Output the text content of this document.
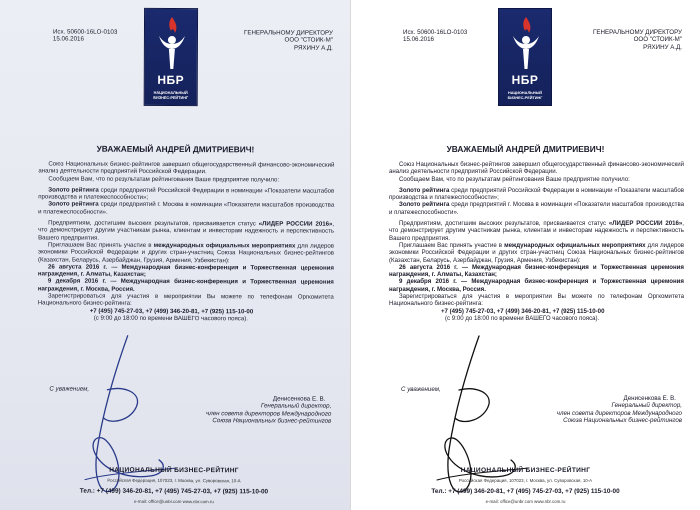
Исх. 50600-16LO-0103
15.06.2016
НБР
НАЦИОНАЛЬНЫЙ
БИЗНЕС-РЕЙТИНГ
ГЕНЕРАЛЬНОМУ ДИРЕКТОРУ
ООО "СТОИК-М"
РЯХИНУ А.Д.
УВАЖАЕМЫЙ АНДРЕЙ ДМИТРИЕВИЧ!

Союз Национальных бизнес-рейтингов завершил общегосударственный финансово-экономический анализ деятельности предприятий Российской Федерации.

Сообщаем Вам, что по результатам рейтингования Ваше предприятие получило:

Золото рейтинга среди предприятий Российской Федерации в номинации «Показатели масштабов производства и платежеспособности»;

Золото рейтинга среди предприятий г. Москва в номинации «Показатели масштабов производства и платежеспособности».

Предприятиям, достигшим высоких результатов, присваивается статус «ЛИДЕР РОССИИ 2016», что демонстрирует другим участникам рынка, клиентам и инвесторам надежность и перспективность Вашего предприятия.

Приглашаем Вас принять участие в международных официальных мероприятиях для лидеров экономики Российской Федерации и других стран-участниц Союза Национальных бизнес-рейтингов (Казахстан, Беларусь, Азербайджан, Грузия, Армения, Узбекистан):

26 августа 2016 г. — Международная бизнес-конференция и Торжественная церемония награждения, г. Алматы, Казахстан;

9 декабря 2016 г. — Международная бизнес-конференция и Торжественная церемония награждения, г. Москва, Россия.

Зарегистрироваться для участия в мероприятии Вы можете по телефонам Оргкомитета Национального бизнес-рейтинга:

+7 (495) 745-27-03, +7 (499) 346-20-81, +7 (925) 115-10-00

(с 9:00 до 18:00 по времени ВАШЕГО часового пояса).

С уважением,
Денисенкова Е. В.
Генеральный директор,
член совета директоров Международного
Союза Национальных бизнес-рейтингов
НАЦИОНАЛЬНЫЙ БИЗНЕС-РЕЙТИНГ
Российская Федерация, 107023, г. Москва, ул. Суворовская, 10-А
Тел.: +7 (499) 346-20-81, +7 (495) 745-27-03, +7 (925) 115-10-00
e-mail: office@unbr.com www.nbr.com.ru
Исх. 50600-16LO-0103
15.06.2016
НБР
НАЦИОНАЛЬНЫЙ
БИЗНЕС-РЕЙТИНГ
ГЕНЕРАЛЬНОМУ ДИРЕКТОРУ
ООО "СТОИК-М"
РЯХИНУ А.Д.
УВАЖАЕМЫЙ АНДРЕЙ ДМИТРИЕВИЧ!

Союз Национальных бизнес-рейтингов завершил общегосударственный финансово-экономический анализ деятельности предприятий Российской Федерации.

Сообщаем Вам, что по результатам рейтингования Ваше предприятие получило:

Золото рейтинга среди предприятий Российской Федерации в номинации «Показатели масштабов производства и платежеспособности»;

Золото рейтинга среди предприятий г. Москва в номинации «Показатели масштабов производства и платежеспособности».

Предприятиям, достигшим высоких результатов, присваивается статус «ЛИДЕР РОССИИ 2016», что демонстрирует другим участникам рынка, клиентам и инвесторам надежность и перспективность Вашего предприятия.

Приглашаем Вас принять участие в международных официальных мероприятиях для лидеров экономики Российской Федерации и других стран-участниц Союза Национальных бизнес-рейтингов (Казахстан, Беларусь, Азербайджан, Грузия, Армения, Узбекистан):

26 августа 2016 г. — Международная бизнес-конференция и Торжественная церемония награждения, г. Алматы, Казахстан;

9 декабря 2016 г. — Международная бизнес-конференция и Торжественная церемония награждения, г. Москва, Россия.

Зарегистрироваться для участия в мероприятии Вы можете по телефонам Оргкомитета Национального бизнес-рейтинга:

+7 (495) 745-27-03, +7 (499) 346-20-81, +7 (925) 115-10-00

(с 9:00 до 18:00 по времени ВАШЕГО часового пояса).

С уважением,
Денисенкова Е. В.
Генеральный директор,
член совета директоров Международного
Союза Национальных бизнес-рейтингов
НАЦИОНАЛЬНЫЙ БИЗНЕС-РЕЙТИНГ
Российская Федерация, 107023, г. Москва, ул. Суворовская, 10-А
Тел.: +7 (499) 346-20-81, +7 (495) 745-27-03, +7 (925) 115-10-00
e-mail: office@unbr.com www.nbr.com.ru
